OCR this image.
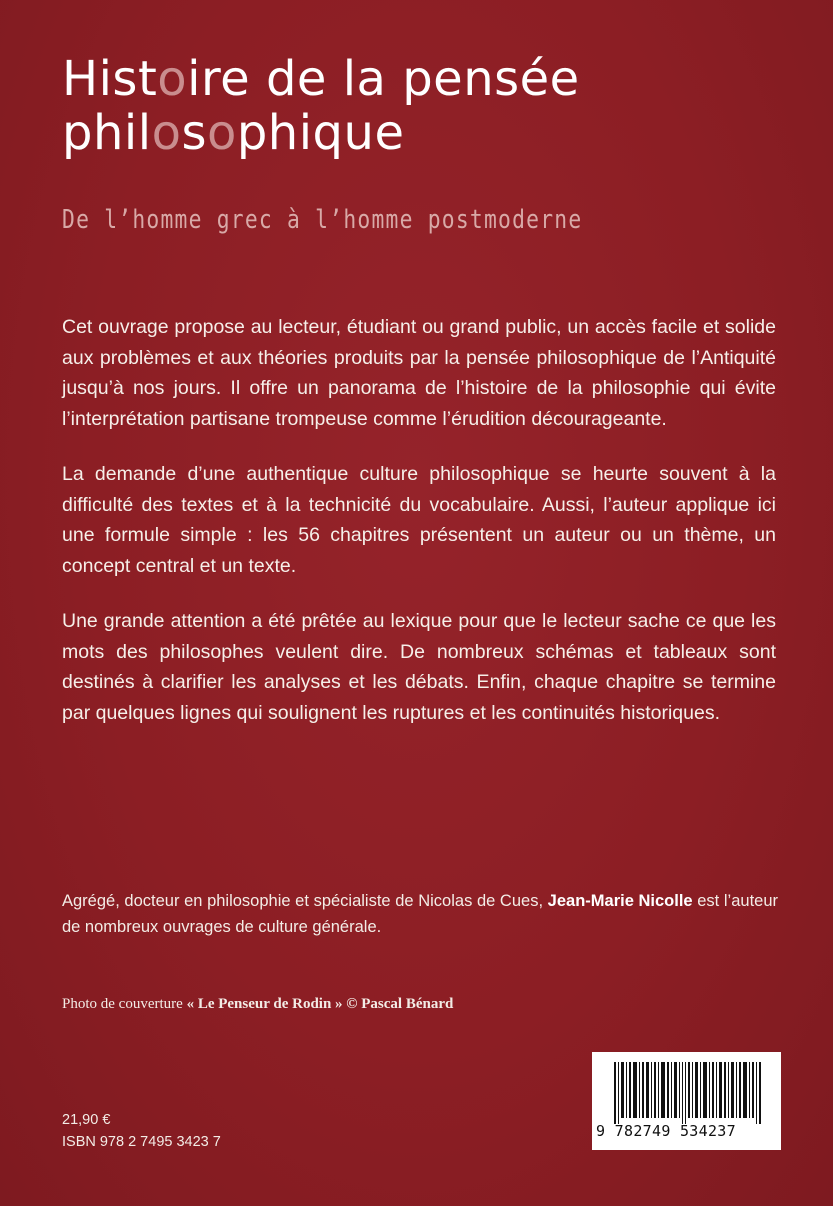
Histoire de la pensée
philosophique
De l’homme grec à l’homme postmoderne

Cet ouvrage propose au lecteur, étudiant ou grand public, un accès facile et solide aux problèmes et aux théories produits par la pensée philosophique de l’Antiquité jusqu’à nos jours. Il offre un panorama de l’histoire de la philosophie qui évite l’interprétation partisane trompeuse comme l’érudition décourageante.

La demande d’une authentique culture philosophique se heurte souvent à la difficulté des textes et à la technicité du vocabulaire. Aussi, l’auteur applique ici une formule simple : les 56 chapitres présentent un auteur ou un thème, un concept central et un texte.

Une grande attention a été prêtée au lexique pour que le lecteur sache ce que les mots des philosophes veulent dire. De nombreux schémas et tableaux sont destinés à clarifier les analyses et les débats. Enfin, chaque chapitre se termine par quelques lignes qui soulignent les ruptures et les continuités historiques.

Agrégé, docteur en philosophie et spécialiste de Nicolas de Cues, Jean-Marie Nicolle est l’auteur de nombreux ouvrages de culture générale.

Photo de couverture « Le Penseur de Rodin » © Pascal Bénard
21,90 €
ISBN 978 2 7495 3423 7
9 782749 534237
